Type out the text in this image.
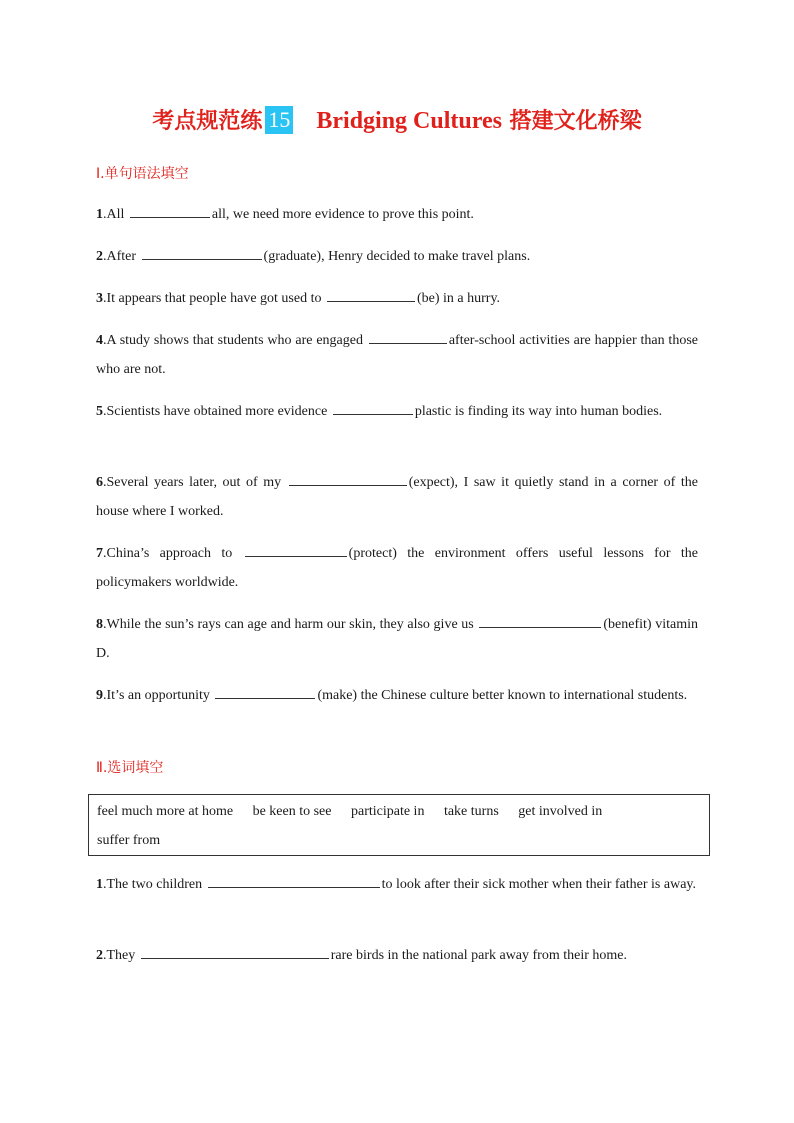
考点规范练 15 Bridging Cultures 搭建文化桥梁
Ⅰ.单句语法填空
1.All	all, we need more evidence to prove this point.
2.After	(graduate), Henry decided to make travel plans.
3.It appears that people have got used to	(be) in a hurry.
4.A study shows that students who are engaged	after-school activities are happier than those who are not.
5.Scientists have obtained more evidence	plastic is finding its way into human bodies.
6.Several years later, out of my	(expect), I saw it quietly stand in a corner of the house where I worked.
7.China’s approach to	(protect) the environment offers useful lessons for the policymakers worldwide.
8.While the sun’s rays can age and harm our skin, they also give us	(benefit) vitamin D.
9.It’s an opportunity	(make) the Chinese culture better known to international students.
Ⅱ.选词填空
feel much more at home be keen to see participate in take turns get involved in
suffer from
1.The two children	to look after their sick mother when their father is away.
2.They	rare birds in the national park away from their home.
